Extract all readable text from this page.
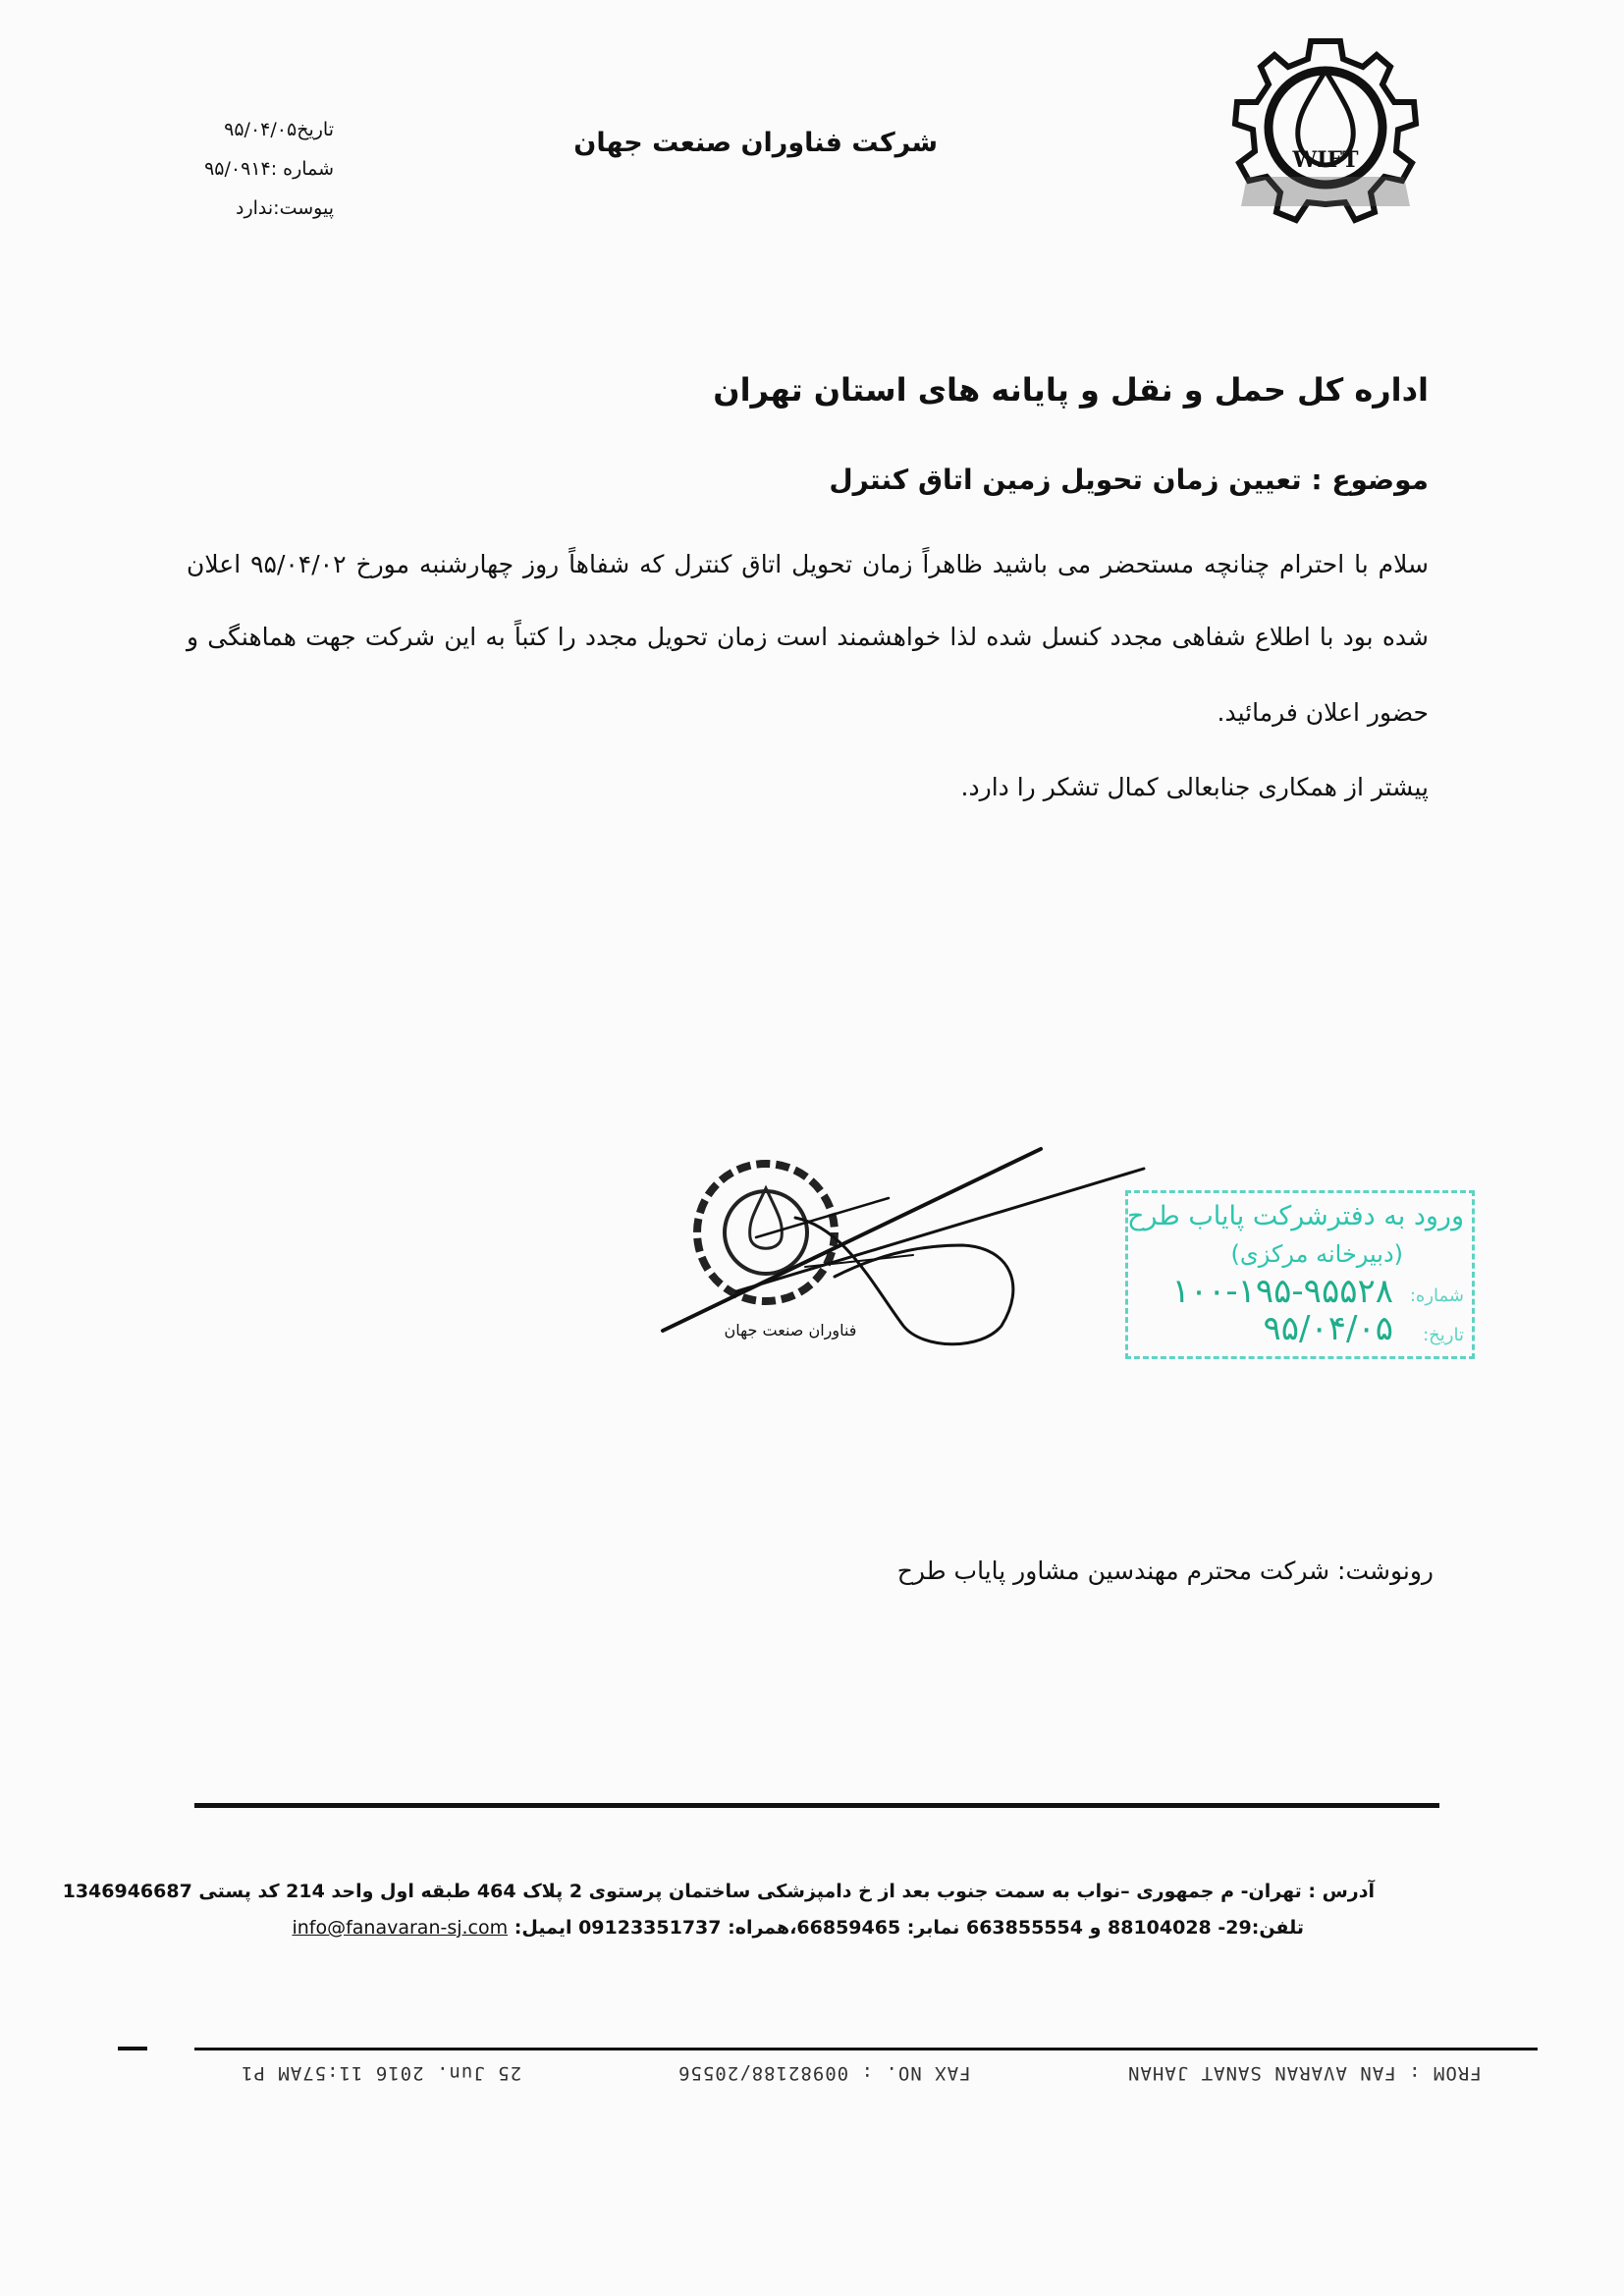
WIFT
شرکت فناوران صنعت جهان
تاریخ۹۵/۰۴/۰۵
شماره :۹۵/۰۹۱۴
پیوست:ندارد
اداره کل حمل و نقل و پایانه های استان تهران
موضوع : تعیین زمان تحویل زمین اتاق کنترل
سلام با احترام چنانچه مستحضر می باشید ظاهراً زمان تحویل اتاق کنترل که شفاهاً روز چهارشنبه مورخ ۹۵/۰۴/۰۲ اعلان
شده بود با اطلاع شفاهی مجدد کنسل شده لذا خواهشمند است زمان تحویل مجدد را کتباً به این شرکت جهت هماهنگی و
حضور اعلان فرمائید.
پیشتر از همکاری جنابعالی کمال تشکر را دارد.
فناوران صنعت جهان
ورود به دفترشرکت پایاب طرح
(دبیرخانه مرکزی)
شماره:
۱۰۰-۱۹۵-۹۵۵۲۸
تاریخ:
۹۵/۰۴/۰۵
رونوشت: شرکت محترم مهندسین مشاور پایاب طرح
آدرس : تهران- م جمهوری –نواب به سمت جنوب بعد از خ دامپزشکی ساختمان پرستوی 2 پلاک 464 طبقه اول واحد 214 کد پستی 1346946687
تلفن:29- 88104028 و 663855554 نمابر: 66859465،همراه: 09123351737 ایمیل: info@fanavaran-sj.com
25 Jun. 2016 11:57AM P1	FAX NO. : 00982188/20556	FROM : FAN AVARAN SANAT JAHAN
